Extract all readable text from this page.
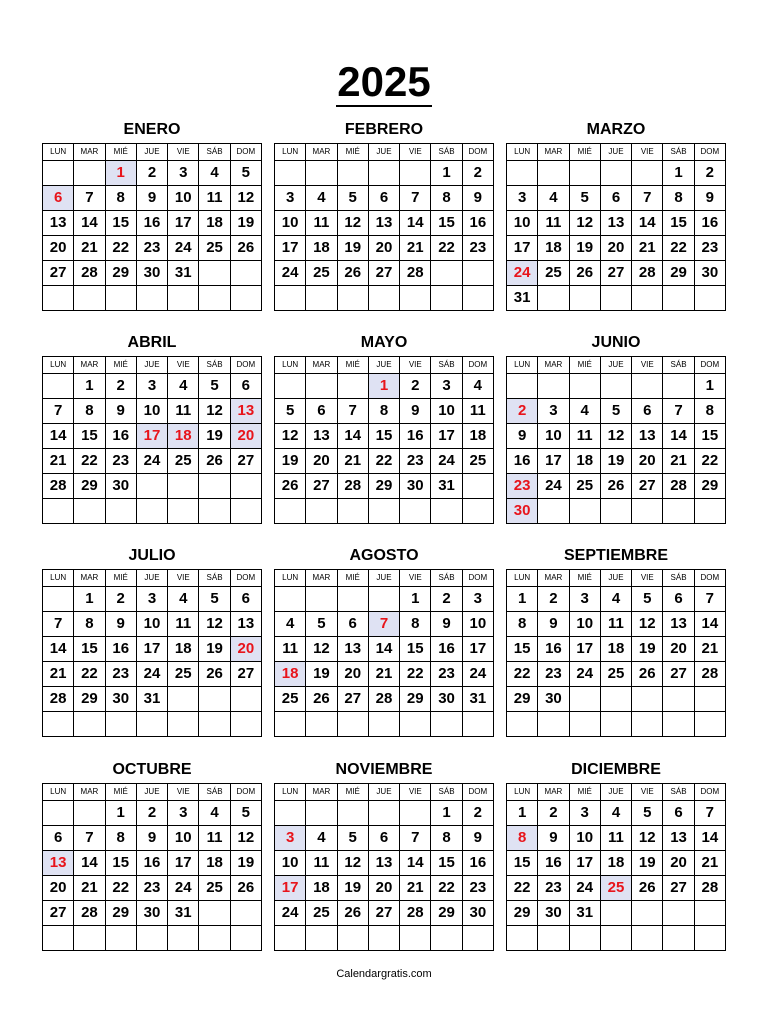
2025
ENERO
LUN	MAR	MIÉ	JUE	VIE	SÁB	DOM
		1	2	3	4	5
6	7	8	9	10	11	12
13	14	15	16	17	18	19
20	21	22	23	24	25	26
27	28	29	30	31		

FEBRERO
LUN	MAR	MIÉ	JUE	VIE	SÁB	DOM
					1	2
3	4	5	6	7	8	9
10	11	12	13	14	15	16
17	18	19	20	21	22	23
24	25	26	27	28		

MARZO
LUN	MAR	MIÉ	JUE	VIE	SÁB	DOM
					1	2
3	4	5	6	7	8	9
10	11	12	13	14	15	16
17	18	19	20	21	22	23
24	25	26	27	28	29	30
31						
ABRIL
LUN	MAR	MIÉ	JUE	VIE	SÁB	DOM
	1	2	3	4	5	6
7	8	9	10	11	12	13
14	15	16	17	18	19	20
21	22	23	24	25	26	27
28	29	30				

MAYO
LUN	MAR	MIÉ	JUE	VIE	SÁB	DOM
			1	2	3	4
5	6	7	8	9	10	11
12	13	14	15	16	17	18
19	20	21	22	23	24	25
26	27	28	29	30	31	

JUNIO
LUN	MAR	MIÉ	JUE	VIE	SÁB	DOM
						1
2	3	4	5	6	7	8
9	10	11	12	13	14	15
16	17	18	19	20	21	22
23	24	25	26	27	28	29
30						
JULIO
LUN	MAR	MIÉ	JUE	VIE	SÁB	DOM
	1	2	3	4	5	6
7	8	9	10	11	12	13
14	15	16	17	18	19	20
21	22	23	24	25	26	27
28	29	30	31			

AGOSTO
LUN	MAR	MIÉ	JUE	VIE	SÁB	DOM
				1	2	3
4	5	6	7	8	9	10
11	12	13	14	15	16	17
18	19	20	21	22	23	24
25	26	27	28	29	30	31

SEPTIEMBRE
LUN	MAR	MIÉ	JUE	VIE	SÁB	DOM
1	2	3	4	5	6	7
8	9	10	11	12	13	14
15	16	17	18	19	20	21
22	23	24	25	26	27	28
29	30					

OCTUBRE
LUN	MAR	MIÉ	JUE	VIE	SÁB	DOM
		1	2	3	4	5
6	7	8	9	10	11	12
13	14	15	16	17	18	19
20	21	22	23	24	25	26
27	28	29	30	31		

NOVIEMBRE
LUN	MAR	MIÉ	JUE	VIE	SÁB	DOM
					1	2
3	4	5	6	7	8	9
10	11	12	13	14	15	16
17	18	19	20	21	22	23
24	25	26	27	28	29	30

DICIEMBRE
LUN	MAR	MIÉ	JUE	VIE	SÁB	DOM
1	2	3	4	5	6	7
8	9	10	11	12	13	14
15	16	17	18	19	20	21
22	23	24	25	26	27	28
29	30	31				

Calendargratis.com
